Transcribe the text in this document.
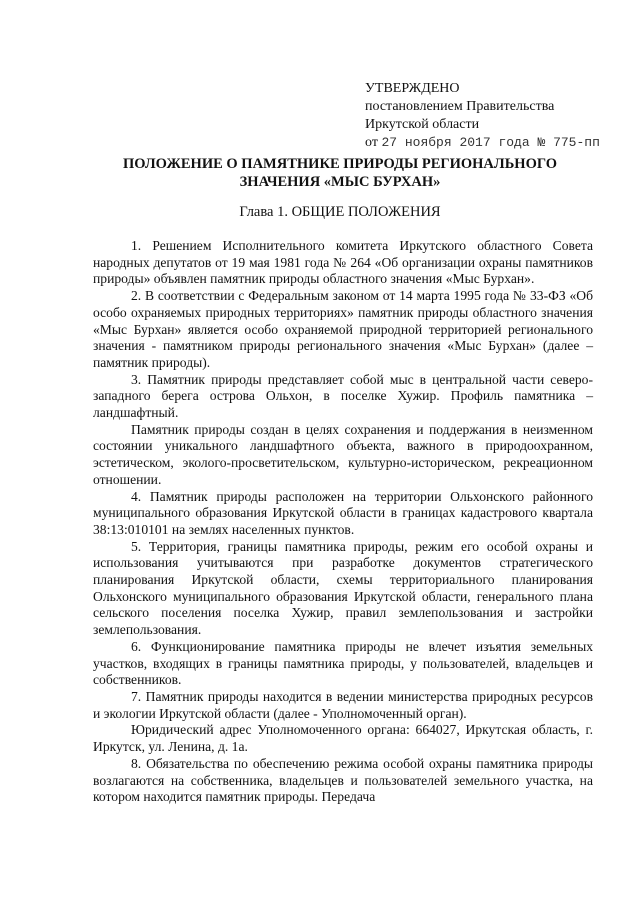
УТВЕРЖДЕНО
постановлением Правительства
Иркутской области
от 27 ноября 2017 года № 775-пп
ПОЛОЖЕНИЕ О ПАМЯТНИКЕ ПРИРОДЫ РЕГИОНАЛЬНОГО
ЗНАЧЕНИЯ «МЫС БУРХАН»
Глава 1. ОБЩИЕ ПОЛОЖЕНИЯ

1. Решением Исполнительного комитета Иркутского областного Совета народных депутатов от 19 мая 1981 года № 264 «Об организации охраны памятников природы» объявлен памятник природы областного значения «Мыс Бурхан».

2. В соответствии с Федеральным законом от 14 марта 1995 года № 33-ФЗ «Об особо охраняемых природных территориях» памятник природы областного значения «Мыс Бурхан» является особо охраняемой природной территорией регионального значения - памятником природы регионального значения «Мыс Бурхан» (далее – памятник природы).

3. Памятник природы представляет собой мыс в центральной части северо-западного берега острова Ольхон, в поселке Хужир. Профиль памятника – ландшафтный.

Памятник природы создан в целях сохранения и поддержания в неизменном состоянии уникального ландшафтного объекта, важного в природоохранном, эстетическом, эколого-просветительском, культурно-историческом, рекреационном отношении.

4. Памятник природы расположен на территории Ольхонского районного муниципального образования Иркутской области в границах кадастрового квартала 38:13:010101 на землях населенных пунктов.

5. Территория, границы памятника природы, режим его особой охраны и использования учитываются при разработке документов стратегического планирования Иркутской области, схемы территориального планирования Ольхонского муниципального образования Иркутской области, генерального плана сельского поселения поселка Хужир, правил землепользования и застройки землепользования.

6. Функционирование памятника природы не влечет изъятия земельных участков, входящих в границы памятника природы, у пользователей, владельцев и собственников.

7. Памятник природы находится в ведении министерства природных ресурсов и экологии Иркутской области (далее - Уполномоченный орган).

Юридический адрес Уполномоченного органа: 664027, Иркутская область, г. Иркутск, ул. Ленина, д. 1а.

8. Обязательства по обеспечению режима особой охраны памятника природы возлагаются на собственника, владельцев и пользователей земельного участка, на котором находится памятник природы. Передача
